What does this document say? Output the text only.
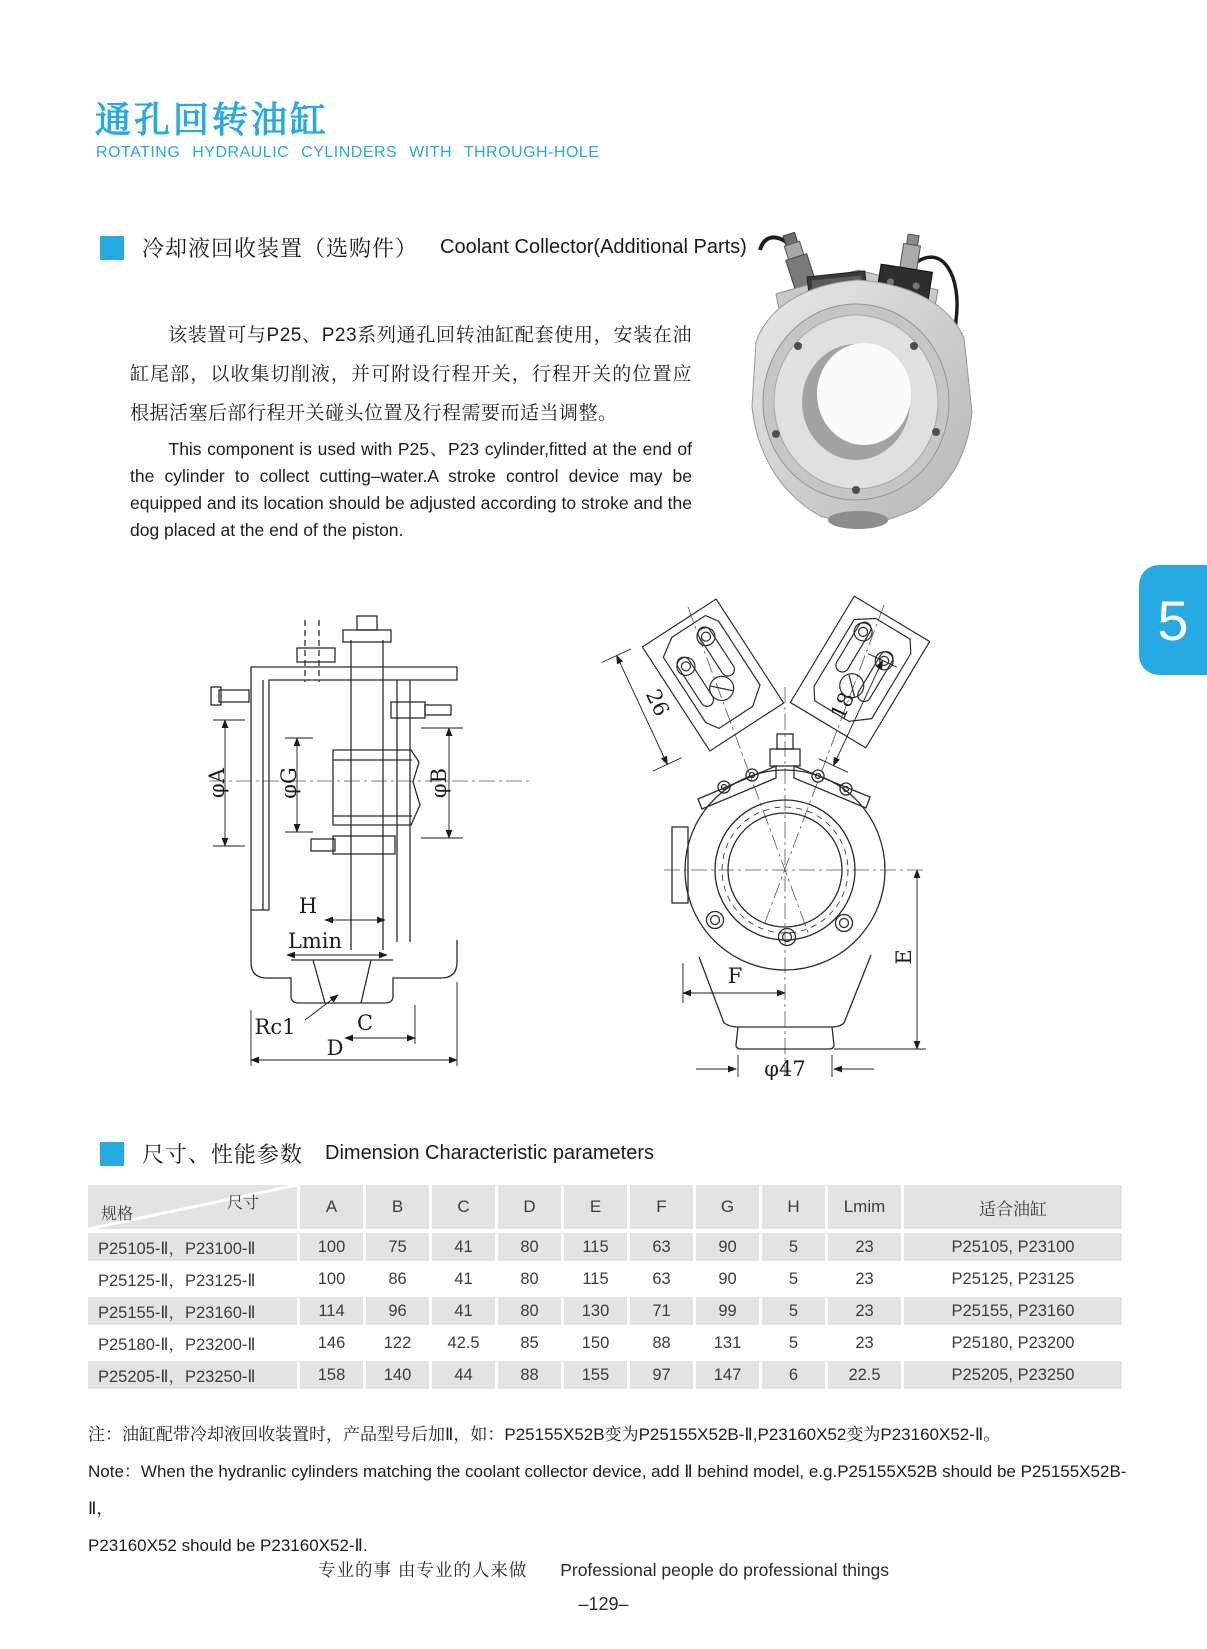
通孔回转油缸
ROTATING HYDRAULIC CYLINDERS WITH THROUGH-HOLE
冷却液回收装置（选购件） Coolant Collector(Additional Parts)
该装置可与P25、P23系列通孔回转油缸配套使用，安装在油缸尾部，以收集切削液，并可附设行程开关，行程开关的位置应根据活塞后部行程开关碰头位置及行程需要而适当调整。
This component is used with P25、P23 cylinder,fitted at the end of the cylinder to collect cutting–water.A stroke control device may be equipped and its location should be adjusted according to stroke and the dog placed at the end of the piston.
5
φA φG	φB
H
Lmin
Rc1	C
D
26	18
F
E
φ47
尺寸、性能参数 Dimension Characteristic parameters
尺寸
规格	A	B	C	D	E	F	G	H	Lmim	适合油缸
P25105-Ⅱ，P23100-Ⅱ	100	75	41	80	115	63	90	5	23	P25105, P23100
P25125-Ⅱ，P23125-Ⅱ	100	86	41	80	115	63	90	5	23	P25125, P23125
P25155-Ⅱ，P23160-Ⅱ	114	96	41	80	130	71	99	5	23	P25155, P23160
P25180-Ⅱ，P23200-Ⅱ	146	122	42.5	85	150	88	131	5	23	P25180, P23200
P25205-Ⅱ，P23250-Ⅱ	158	140	44	88	155	97	147	6	22.5	P25205, P23250
注：油缸配带冷却液回收装置时，产品型号后加Ⅱ，如：P25155X52B变为P25155X52B-Ⅱ,P23160X52变为P23160X52-Ⅱ。
Note：When the hydranlic cylinders matching the coolant collector device, add Ⅱ behind model, e.g.P25155X52B should be P25155X52B-Ⅱ，
P23160X52 should be P23160X52-Ⅱ.
专业的事 由专业的人来做 Professional people do professional things
–129–
